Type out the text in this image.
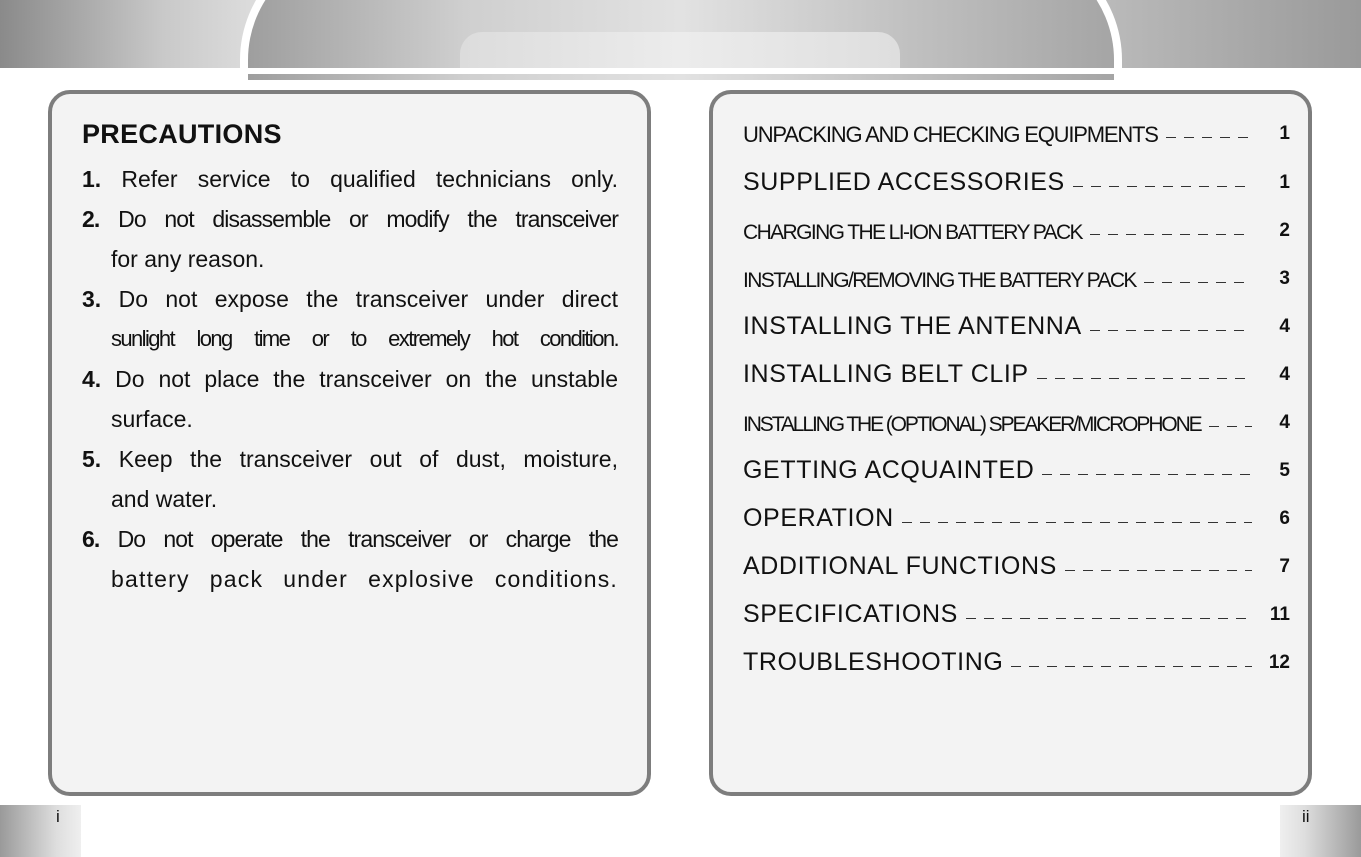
PRECAUTIONS
1. Refer service to qualified technicians only.
2. Do not disassemble or modify the transceiver
for any reason.
3. Do not expose the transceiver under direct
sunlight long time or to extremely hot condition.
4. Do not place the transceiver on the unstable
surface.
5. Keep the transceiver out of dust, moisture,
and water.
6. Do not operate the transceiver or charge the
battery pack under explosive conditions.
UNPACKING AND CHECKING EQUIPMENTS	1
SUPPLIED ACCESSORIES	1
CHARGING THE LI-ION BATTERY PACK	2
INSTALLING/REMOVING THE BATTERY PACK	3
INSTALLING THE ANTENNA	4
INSTALLING BELT CLIP	4
INSTALLING THE (OPTIONAL) SPEAKER/MICROPHONE	4
GETTING ACQUAINTED	5
OPERATION	6
ADDITIONAL FUNCTIONS	7
SPECIFICATIONS	11
TROUBLESHOOTING	12
i	ii
